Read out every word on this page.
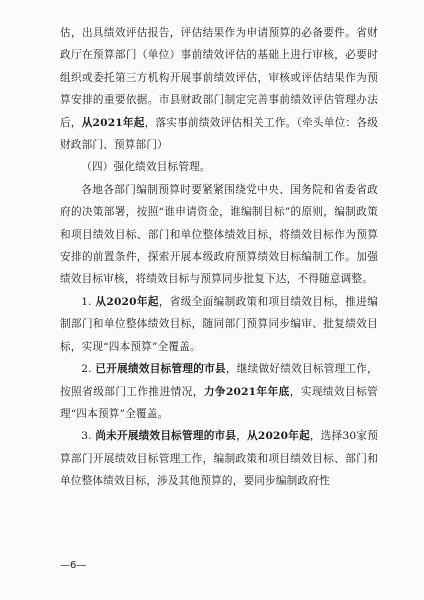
估，出具绩效评估报告，评估结果作为申请预算的必备要件。省财政厅在预算部门（单位）事前绩效评估的基础上进行审核，必要时组织或委托第三方机构开展事前绩效评估，审核或评估结果作为预算安排的重要依据。市县财政部门制定完善事前绩效评估管理办法后，从2021年起，落实事前绩效评估相关工作。（牵头单位：各级财政部门、预算部门）

（四）强化绩效目标管理。

各地各部门编制预算时要紧紧围绕党中央、国务院和省委省政府的决策部署，按照“谁申请资金，谁编制目标”的原则，编制政策和项目绩效目标、部门和单位整体绩效目标，将绩效目标作为预算安排的前置条件，探索开展本级政府预算绩效目标编制工作。加强绩效目标审核，将绩效目标与预算同步批复下达，不得随意调整。

1. 从2020年起，省级全面编制政策和项目绩效目标，推进编制部门和单位整体绩效目标，随同部门预算同步编审、批复绩效目标，实现“四本预算”全覆盖。

2. 已开展绩效目标管理的市县，继续做好绩效目标管理工作，按照省级部门工作推进情况，力争2021年年底，实现绩效目标管理“四本预算”全覆盖。

3. 尚未开展绩效目标管理的市县，从2020年起，选择30家预算部门开展绩效目标管理工作，编制政策和项目绩效目标、部门和单位整体绩效目标，涉及其他预算的，要同步编制政府性

—6—
